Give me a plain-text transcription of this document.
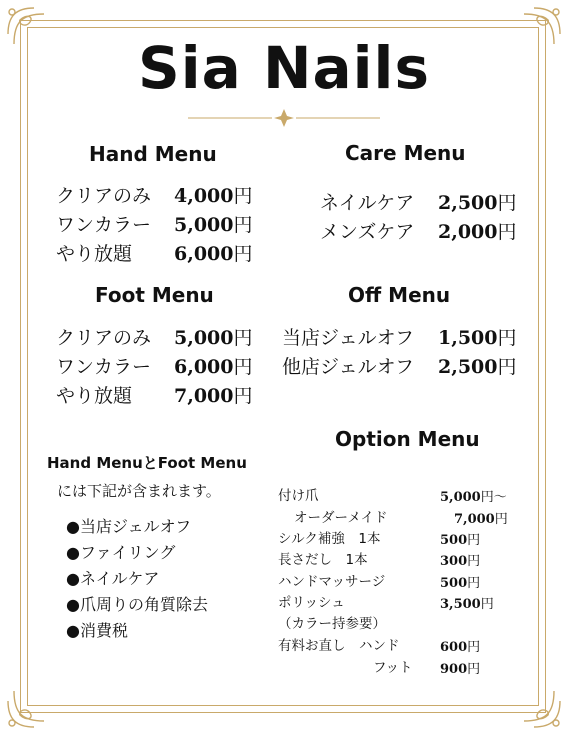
Sia Nails
Hand Menu
クリアのみ 4,000円
ワンカラー 5,000円
やり放題 6,000円
Care Menu
ネイルケア 2,500円
メンズケア 2,000円
Foot Menu
クリアのみ 5,000円
ワンカラー 6,000円
やり放題 7,000円
Off Menu
当店ジェルオフ 1,500円
他店ジェルオフ 2,500円
Hand MenuとFoot Menu
には下記が含まれます。
●当店ジェルオフ
●ファイリング
●ネイルケア
●爪周りの角質除去
●消費税
Option Menu
付け爪	5,000円〜
オーダーメイド	7,000円
シルク補強　1本	500円
長さだし　1本	300円
ハンドマッサージ	500円
ポリッシュ	3,500円
（カラー持参要）
有料お直し　ハンド	600円
フット 900円
